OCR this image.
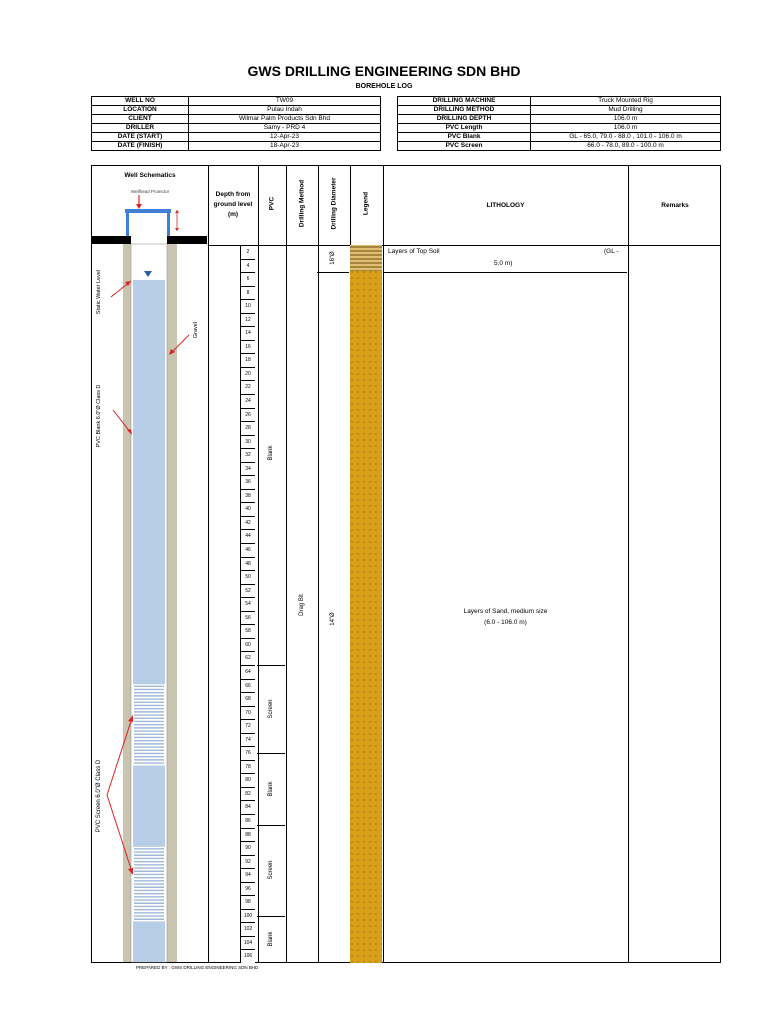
GWS DRILLING ENGINEERING SDN BHD
BOREHOLE LOG
WELL NO	TW09
LOCATION	Pulau Indah
CLIENT	Wilmar Palm Products Sdn Bhd
DRILLER	Samy - PRD 4
DATE (START)	12-Apr-23
DATE (FINISH)	18-Apr-23
DRILLING MACHINE	Truck Mounted Rig
DRILLING METHOD	Mud Drilling
DRILLING DEPTH	106.0 m
PVC Length	106.0 m
PVC Blank	GL - 65.0, 79.0 - 88.0 , 101.0 - 106.0 m
PVC Screen	66.0 - 78.0, 89.0 - 100.0 m
Well Schematics
Wellhead Protector	Depth from
ground level
(m)
PVC	Drilling Method	Drilling Diameter	Legend	LITHOLOGY	Remarks
Static Water Level
Gravel
PVC Blank 6.0"Ø Class D
PVC Screen 6.0"Ø Class D
2
4
6
8
10
12
14
16
18
20
22
24
26
28
30
32
34
36
38
40
42
44
46
48
50
52
54
56
58
60
62
64
66
68
70
72
74
76
78
80
82
84
86
88
90
92
94
96
98
100
102
104
106
Blank
Screen
Blank
Screen
Blank
Drag Bit
16"Ø
14"Ø
Layers of Top Soil	(GL -
5.0 m)
Layers of Sand, medium size
(6.0 - 106.0 m)
PREPARED BY : GWS DRILLING ENGINEERING SDN BHD
